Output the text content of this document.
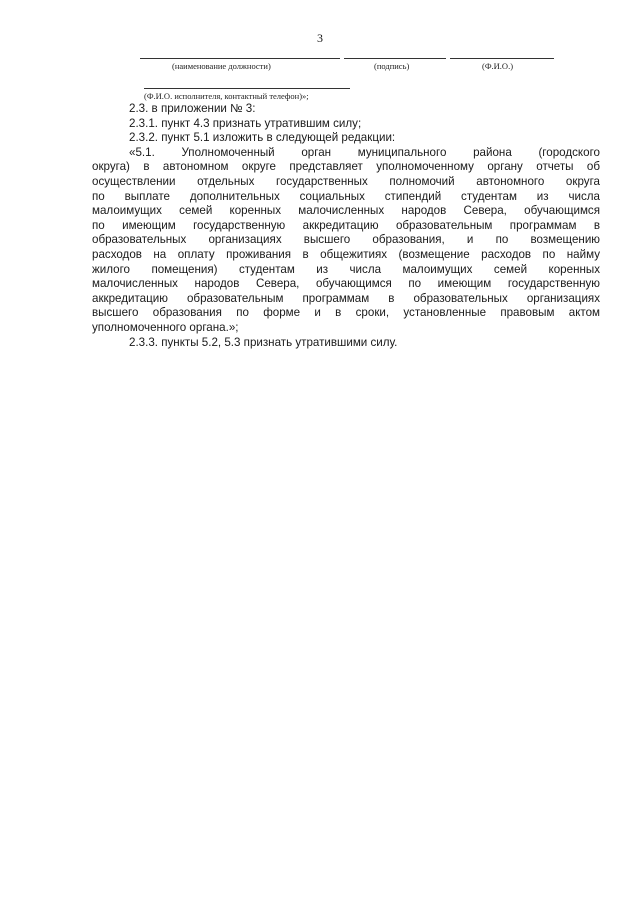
3
(наименование должности)	(подпись)	(Ф.И.О.)
(Ф.И.О. исполнителя, контактный телефон)»;
2.3. в приложении № 3:
2.3.1. пункт 4.3 признать утратившим силу;
2.3.2. пункт 5.1 изложить в следующей редакции:
«5.1. Уполномоченный орган муниципального района (городского
округа) в автономном округе представляет уполномоченному органу отчеты об
осуществлении отдельных государственных полномочий автономного округа
по выплате дополнительных социальных стипендий студентам из числа
малоимущих семей коренных малочисленных народов Севера, обучающимся
по имеющим государственную аккредитацию образовательным программам в
образовательных организациях высшего образования, и по возмещению
расходов на оплату проживания в общежитиях (возмещение расходов по найму
жилого помещения) студентам из числа малоимущих семей коренных
малочисленных народов Севера, обучающимся по имеющим государственную
аккредитацию образовательным программам в образовательных организациях
высшего образования по форме и в сроки, установленные правовым актом
уполномоченного органа.»;
2.3.3. пункты 5.2, 5.3 признать утратившими силу.
